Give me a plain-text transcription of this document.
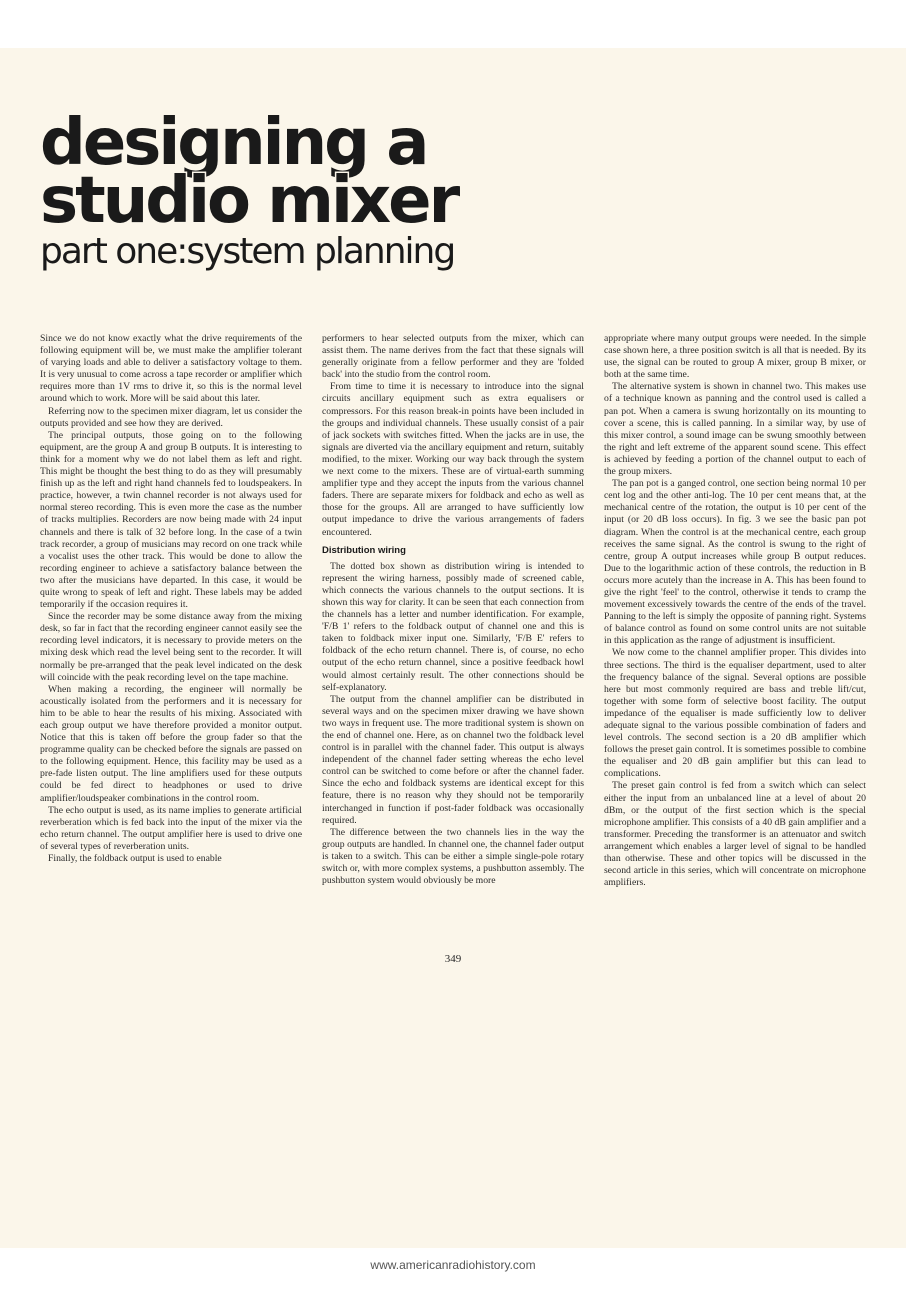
designing a
studio mixer
part one:system planning

Since we do not know exactly what the drive requirements of the following equipment will be, we must make the amplifier tolerant of varying loads and able to deliver a satisfactory voltage to them. It is very unusual to come across a tape recorder or amplifier which requires more than 1V rms to drive it, so this is the normal level around which to work. More will be said about this later.

Referring now to the specimen mixer diagram, let us consider the outputs provided and see how they are derived.

The principal outputs, those going on to the following equipment, are the group A and group B outputs. It is interesting to think for a moment why we do not label them as left and right. This might be thought the best thing to do as they will presumably finish up as the left and right hand channels fed to loudspeakers. In practice, however, a twin channel recorder is not always used for normal stereo recording. This is even more the case as the number of tracks multiplies. Recorders are now being made with 24 input channels and there is talk of 32 before long. In the case of a twin track recorder, a group of musicians may record on one track while a vocalist uses the other track. This would be done to allow the recording engineer to achieve a satisfactory balance between the two after the musicians have departed. In this case, it would be quite wrong to speak of left and right. These labels may be added temporarily if the occasion requires it.

Since the recorder may be some distance away from the mixing desk, so far in fact that the recording engineer cannot easily see the recording level indicators, it is necessary to provide meters on the mixing desk which read the level being sent to the recorder. It will normally be pre-arranged that the peak level indicated on the desk will coincide with the peak recording level on the tape machine.

When making a recording, the engineer will normally be acoustically isolated from the performers and it is necessary for him to be able to hear the results of his mixing. Associated with each group output we have therefore provided a monitor output. Notice that this is taken off before the group fader so that the programme quality can be checked before the signals are passed on to the following equipment. Hence, this facility may be used as a pre-fade listen output. The line amplifiers used for these outputs could be fed direct to headphones or used to drive amplifier/loudspeaker combinations in the control room.

The echo output is used, as its name implies to generate artificial reverberation which is fed back into the input of the mixer via the echo return channel. The output amplifier here is used to drive one of several types of reverberation units.

Finally, the foldback output is used to enable

performers to hear selected outputs from the mixer, which can assist them. The name derives from the fact that these signals will generally originate from a fellow performer and they are 'folded back' into the studio from the control room.

From time to time it is necessary to introduce into the signal circuits ancillary equipment such as extra equalisers or compressors. For this reason break-in points have been included in the groups and individual channels. These usually consist of a pair of jack sockets with switches fitted. When the jacks are in use, the signals are diverted via the ancillary equipment and return, suitably modified, to the mixer. Working our way back through the system we next come to the mixers. These are of virtual-earth summing amplifier type and they accept the inputs from the various channel faders. There are separate mixers for foldback and echo as well as those for the groups. All are arranged to have sufficiently low output impedance to drive the various arrangements of faders encountered.

Distribution wiring

The dotted box shown as distribution wiring is intended to represent the wiring harness, possibly made of screened cable, which connects the various channels to the output sections. It is shown this way for clarity. It can be seen that each connection from the channels has a letter and number identification. For example, 'F/B 1' refers to the foldback output of channel one and this is taken to foldback mixer input one. Similarly, 'F/B E' refers to foldback of the echo return channel. There is, of course, no echo output of the echo return channel, since a positive feedback howl would almost certainly result. The other connections should be self-explanatory.

The output from the channel amplifier can be distributed in several ways and on the specimen mixer drawing we have shown two ways in frequent use. The more traditional system is shown on the end of channel one. Here, as on channel two the foldback level control is in parallel with the channel fader. This output is always independent of the channel fader setting whereas the echo level control can be switched to come before or after the channel fader. Since the echo and foldback systems are identical except for this feature, there is no reason why they should not be temporarily interchanged in function if post-fader foldback was occasionally required.

The difference between the two channels lies in the way the group outputs are handled. In channel one, the channel fader output is taken to a switch. This can be either a simple single-pole rotary switch or, with more complex systems, a pushbutton assembly. The pushbutton system would obviously be more

appropriate where many output groups were needed. In the simple case shown here, a three position switch is all that is needed. By its use, the signal can be routed to group A mixer, group B mixer, or both at the same time.

The alternative system is shown in channel two. This makes use of a technique known as panning and the control used is called a pan pot. When a camera is swung horizontally on its mounting to cover a scene, this is called panning. In a similar way, by use of this mixer control, a sound image can be swung smoothly between the right and left extreme of the apparent sound scene. This effect is achieved by feeding a portion of the channel output to each of the group mixers.

The pan pot is a ganged control, one section being normal 10 per cent log and the other anti-log. The 10 per cent means that, at the mechanical centre of the rotation, the output is 10 per cent of the input (or 20 dB loss occurs). In fig. 3 we see the basic pan pot diagram. When the control is at the mechanical centre, each group receives the same signal. As the control is swung to the right of centre, group A output increases while group B output reduces. Due to the logarithmic action of these controls, the reduction in B occurs more acutely than the increase in A. This has been found to give the right 'feel' to the control, otherwise it tends to cramp the movement excessively towards the centre of the ends of the travel. Panning to the left is simply the opposite of panning right. Systems of balance control as found on some control units are not suitable in this application as the range of adjustment is insufficient.

We now come to the channel amplifier proper. This divides into three sections. The third is the equaliser department, used to alter the frequency balance of the signal. Several options are possible here but most commonly required are bass and treble lift/cut, together with some form of selective boost facility. The output impedance of the equaliser is made sufficiently low to deliver adequate signal to the various possible combination of faders and level controls. The second section is a 20 dB amplifier which follows the preset gain control. It is sometimes possible to combine the equaliser and 20 dB gain amplifier but this can lead to complications.

The preset gain control is fed from a switch which can select either the input from an unbalanced line at a level of about 20 dBm, or the output of the first section which is the special microphone amplifier. This consists of a 40 dB gain amplifier and a transformer. Preceding the transformer is an attenuator and switch arrangement which enables a larger level of signal to be handled than otherwise. These and other topics will be discussed in the second article in this series, which will concentrate on microphone amplifiers.

349
www.americanradiohistory.com
